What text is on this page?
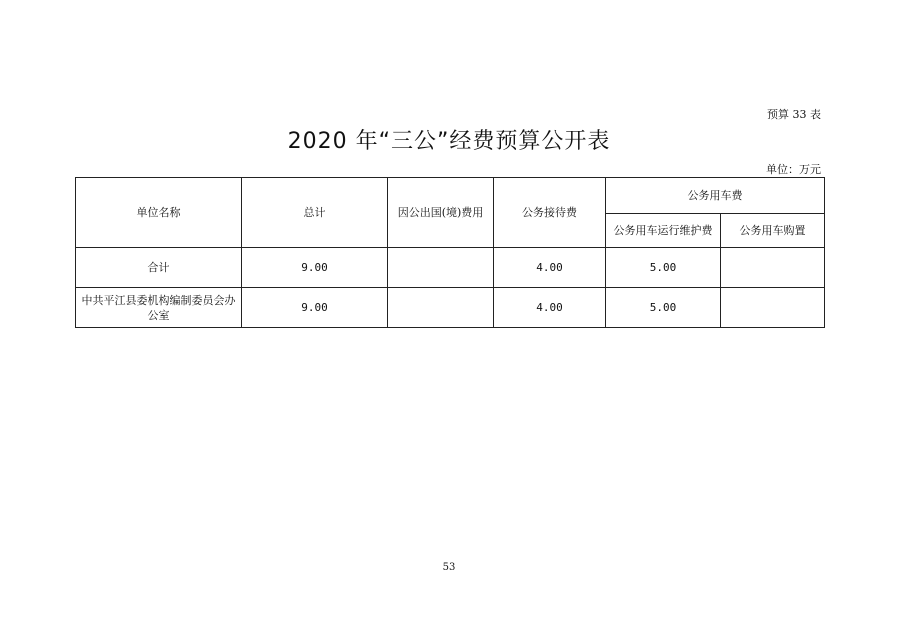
预算 33 表
2020 年“三公”经费预算公开表
单位：万元
单位名称	总计	因公出国(境)费用	公务接待费	公务用车费	
				公务用车运行维护费	公务用车购置
合计	9.00		4.00	5.00	
中共平江县委机构编制委员会办公室	9.00		4.00	5.00	
53
